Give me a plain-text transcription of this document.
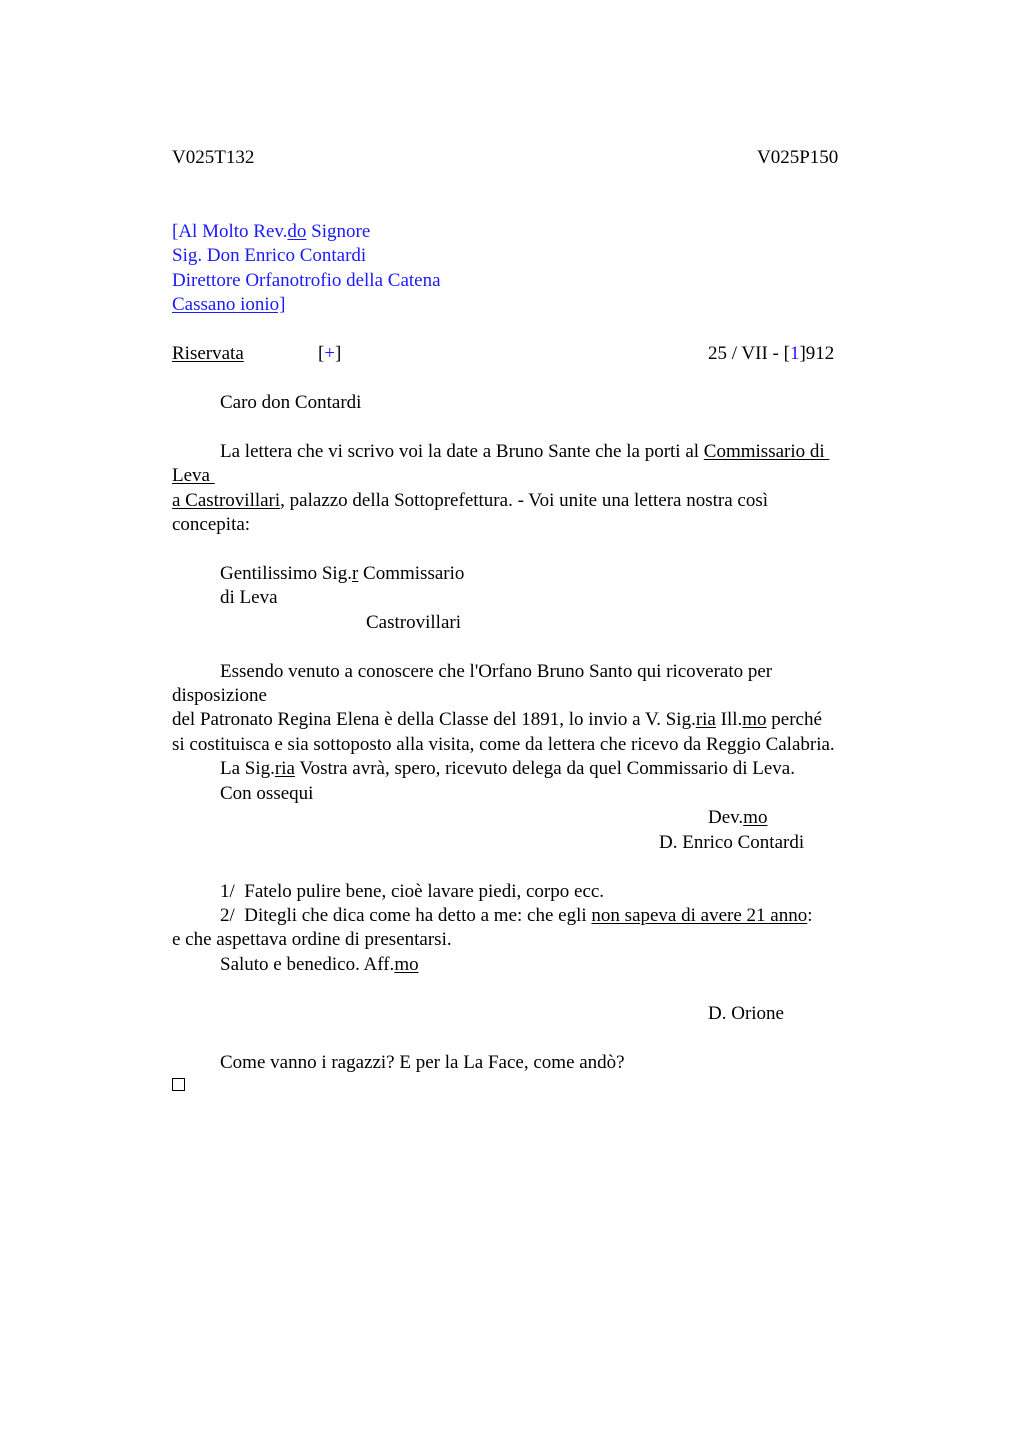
V025T132	V025P150
[Al Molto Rev.do Signore
Sig. Don Enrico Contardi
Direttore Orfanotrofio della Catena
Cassano ionio]
Riservata	[+]	25 / VII - [1]912
Caro don Contardi
La lettera che vi scrivo voi la date a Bruno Sante che la porti al Commissario di
Leva
a Castrovillari, palazzo della Sottoprefettura. - Voi unite una lettera nostra così
concepita:
Gentilissimo Sig.r Commissario
di Leva
Castrovillari
Essendo venuto a conoscere che l'Orfano Bruno Santo qui ricoverato per
disposizione
del Patronato Regina Elena è della Classe del 1891, lo invio a V. Sig.ria Ill.mo perché
si costituisca e sia sottoposto alla visita, come da lettera che ricevo da Reggio Calabria.
La Sig.ria Vostra avrà, spero, ricevuto delega da quel Commissario di Leva.
Con ossequi
Dev.mo
D. Enrico Contardi
1/  Fatelo pulire bene, cioè lavare piedi, corpo ecc.
2/  Ditegli che dica come ha detto a me: che egli non sapeva di avere 21 anno:
e che aspettava ordine di presentarsi.
Saluto e benedico. Aff.mo
D. Orione
Come vanno i ragazzi? E per la La Face, come andò?
